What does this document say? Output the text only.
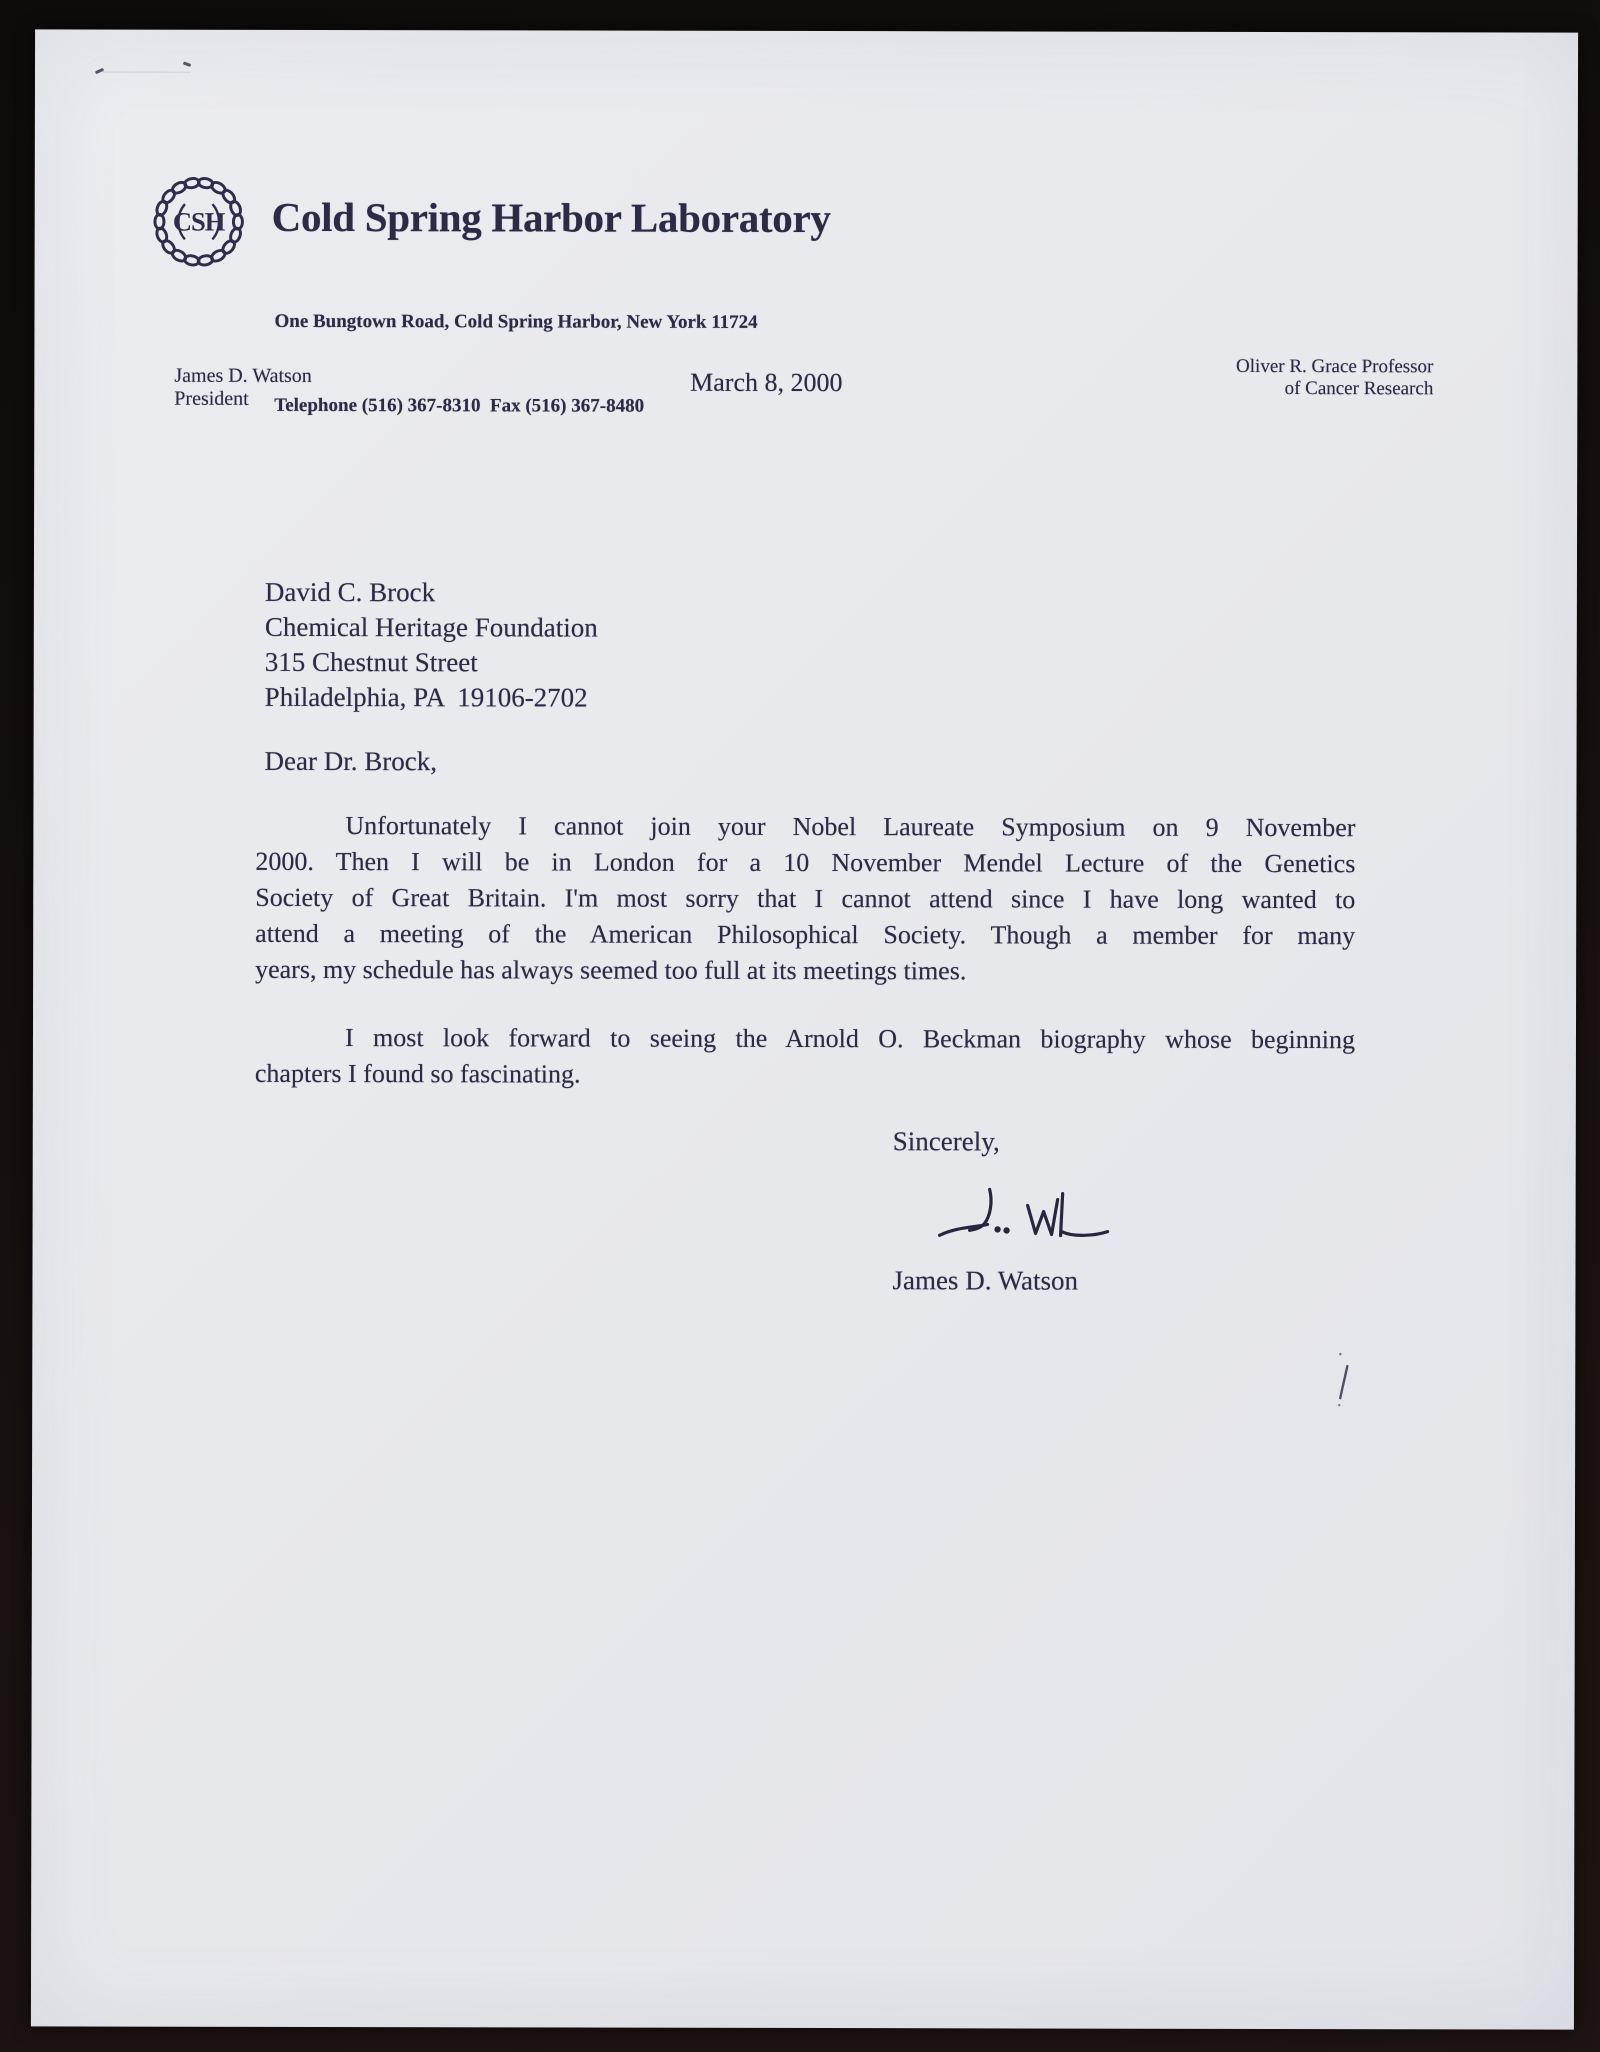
CSH Cold Spring Harbor Laboratory

One Bungtown Road, Cold Spring Harbor, New York 11724

Telephone (516) 367-8310  Fax (516) 367-8480

James D. Watson
President
March 8, 2000
Oliver R. Grace Professor
of Cancer Research
David C. Brock
Chemical Heritage Foundation
315 Chestnut Street
Philadelphia, PA  19106-2702
Dear Dr. Brock,
Unfortunately I cannot join your Nobel Laureate Symposium on 9 November
2000. Then I will be in London for a 10 November Mendel Lecture of the Genetics
Society of Great Britain. I'm most sorry that I cannot attend since I have long wanted to
attend a meeting of the American Philosophical Society. Though a member for many
years, my schedule has always seemed too full at its meetings times.
I most look forward to seeing the Arnold O. Beckman biography whose beginning
chapters I found so fascinating.
Sincerely,
James D. Watson
